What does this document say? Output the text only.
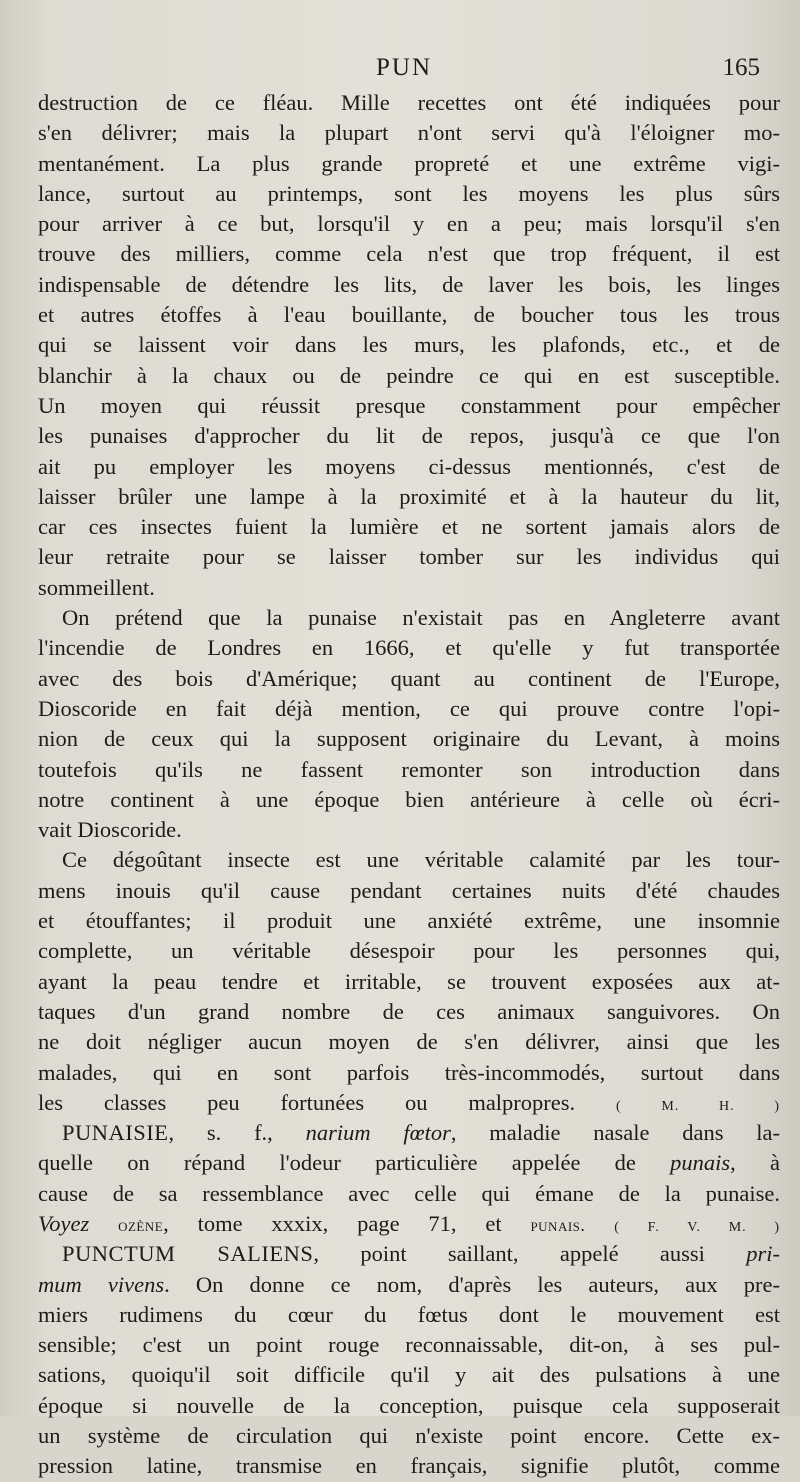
PUN	165
destruction de ce fléau. Mille recettes ont été indiquées pour
s'en délivrer; mais la plupart n'ont servi qu'à l'éloigner mo-
mentanément. La plus grande propreté et une extrême vigi-
lance, surtout au printemps, sont les moyens les plus sûrs
pour arriver à ce but, lorsqu'il y en a peu; mais lorsqu'il s'en
trouve des milliers, comme cela n'est que trop fréquent, il est
indispensable de détendre les lits, de laver les bois, les linges
et autres étoffes à l'eau bouillante, de boucher tous les trous
qui se laissent voir dans les murs, les plafonds, etc., et de
blanchir à la chaux ou de peindre ce qui en est susceptible.
Un moyen qui réussit presque constamment pour empêcher
les punaises d'approcher du lit de repos, jusqu'à ce que l'on
ait pu employer les moyens ci-dessus mentionnés, c'est de
laisser brûler une lampe à la proximité et à la hauteur du lit,
car ces insectes fuient la lumière et ne sortent jamais alors de
leur retraite pour se laisser tomber sur les individus qui
sommeillent.
On prétend que la punaise n'existait pas en Angleterre avant
l'incendie de Londres en 1666, et qu'elle y fut transportée
avec des bois d'Amérique; quant au continent de l'Europe,
Dioscoride en fait déjà mention, ce qui prouve contre l'opi-
nion de ceux qui la supposent originaire du Levant, à moins
toutefois qu'ils ne fassent remonter son introduction dans
notre continent à une époque bien antérieure à celle où écri-
vait Dioscoride.
Ce dégoûtant insecte est une véritable calamité par les tour-
mens inouis qu'il cause pendant certaines nuits d'été chaudes
et étouffantes; il produit une anxiété extrême, une insomnie
complette, un véritable désespoir pour les personnes qui,
ayant la peau tendre et irritable, se trouvent exposées aux at-
taques d'un grand nombre de ces animaux sanguivores. On
ne doit négliger aucun moyen de s'en délivrer, ainsi que les
malades, qui en sont parfois très-incommodés, surtout dans
les classes peu fortunées ou malpropres.	( M. H. )
PUNAISIE, s. f., narium fœtor, maladie nasale dans la-
quelle on répand l'odeur particulière appelée de punais, à
cause de sa ressemblance avec celle qui émane de la punaise.
Voyez ozène, tome xxxix, page 71, et punais. ( F. V. M. )
PUNCTUM SALIENS, point saillant, appelé aussi pri-
mum vivens. On donne ce nom, d'après les auteurs, aux pre-
miers rudimens du cœur du fœtus dont le mouvement est
sensible; c'est un point rouge reconnaissable, dit-on, à ses pul-
sations, quoiqu'il soit difficile qu'il y ait des pulsations à une
époque si nouvelle de la conception, puisque cela supposerait
un système de circulation qui n'existe point encore. Cette ex-
pression latine, transmise en français, signifie plutôt, comme
